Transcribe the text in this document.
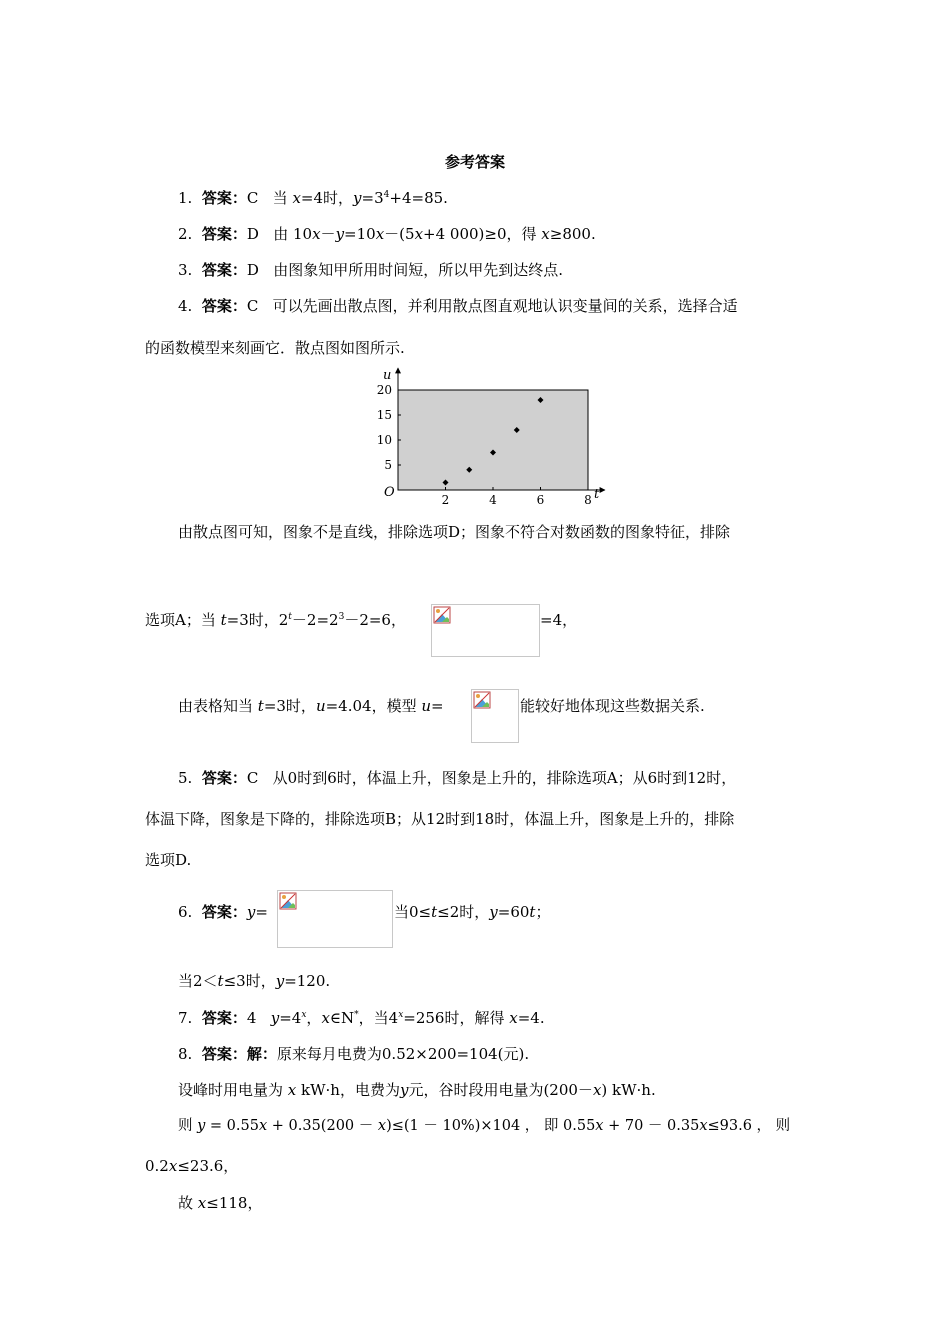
参考答案
1. 答案：C 当 x=4时，$y=3^4+4=85$.
2. 答案：D 由 10x－y=10x－(5x+4 000)≥0，得 x≥800.
3. 答案：D 由图象知甲所用时间短，所以甲先到达终点.
4. 答案：C 可以先画出散点图，并利用散点图直观地认识变量间的关系，选择合适
的函数模型来刻画它．散点图如图所示.
u
t
O	2	4	6	8
5
10
15
20
由散点图可知，图象不是直线，排除选项D；图象不符合对数函数的图象特征，排除
选项A；当 t=3时，$2^t-2=2^3-2=6$，	=4，
由表格知当 t=3时，u=4.04，模型 u=	能较好地体现这些数据关系.
5. 答案：C 从0时到6时，体温上升，图象是上升的，排除选项A；从6时到12时，
体温下降，图象是下降的，排除选项B；从12时到18时，体温上升，图象是上升的，排除
选项D.
6. 答案：y=	当0≤t≤2时，y=60t；
当2＜t≤3时，y=120.
7. 答案：4 $y=4^x$，x∈N*，当$4^x=256$时，解得 x=4.
8. 答案：解：原来每月电费为0.52×200=104(元).
设峰时用电量为 x kW·h，电费为y元，谷时段用电量为(200－x) kW·h.
则 y = 0.55x + 0.35(200 － x)≤(1 － 10%)×104 ， 即 0.55x + 70 － 0.35x≤93.6 ， 则
0.2x≤23.6，
故 x≤118，
